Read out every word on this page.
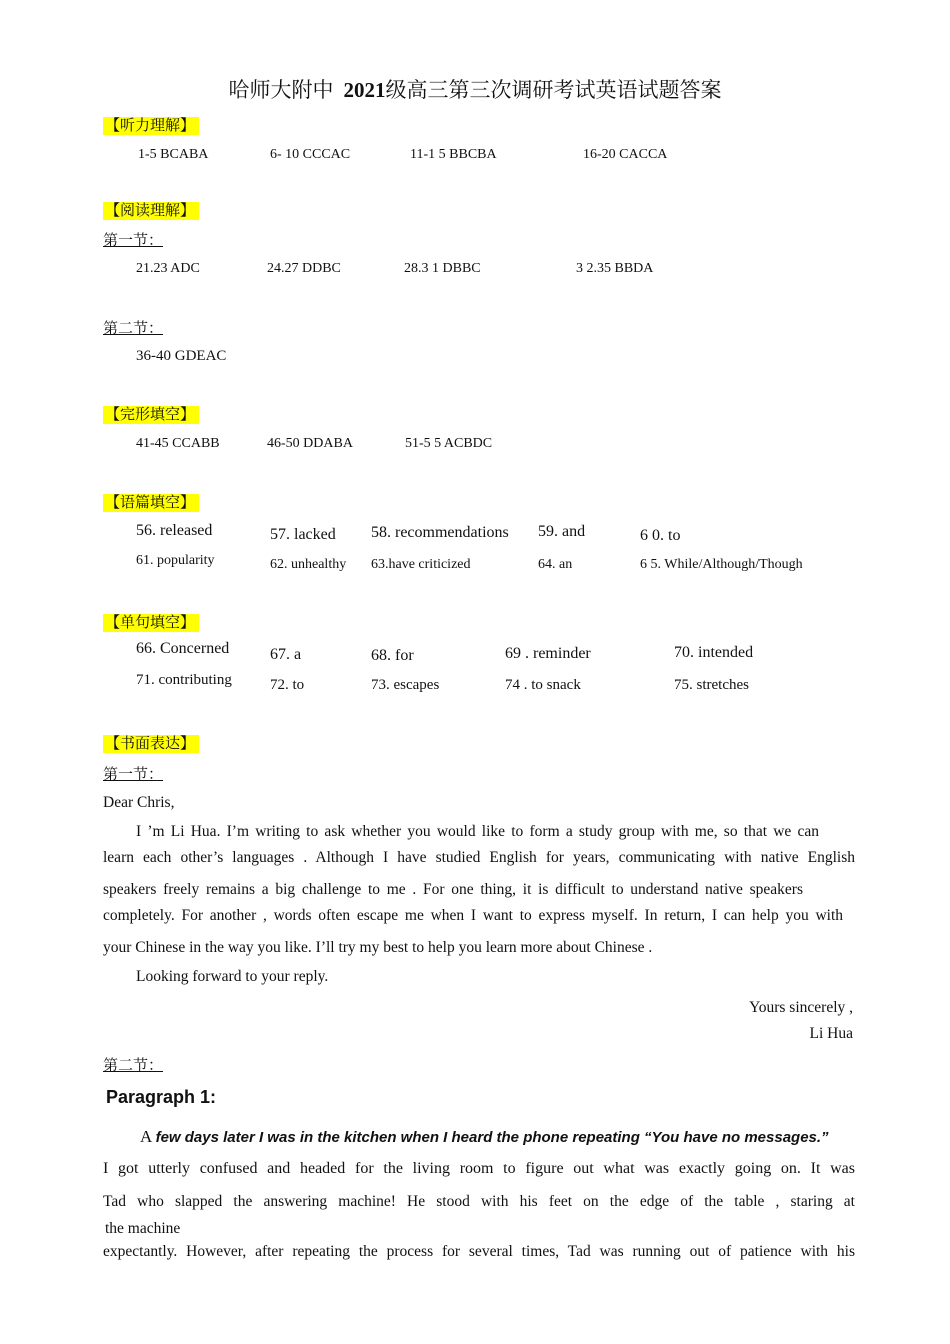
哈师大附中 2021级高三第三次调研考试英语试题答案
【听力理解】
1-5 BCABA	6- 10 CCCAC	11-1 5 BBCBA	16-20 CACCA
【阅读理解】
第一节：
21.23 ADC	24.27 DDBC	28.3 1 DBBC	3 2.35 BBDA
第二节：
36-40 GDEAC
【完形填空】
41-45 CCABB	46-50 DDABA	51-5 5 ACBDC
【语篇填空】
56. released	57. lacked 58. recommendations 59. and	6 0. to
61. popularity	62. unhealthy 63.have criticized	64. an	6 5. While/Although/Though
【单句填空】
66. Concerned	67. a	68. for	69 . reminder	70. intended
71. contributing	72. to	73. escapes	74 . to snack	75. stretches
【书面表达】
第一节：
Dear Chris,
I ’m Li Hua. I’m writing to ask whether you would like to form a study group with me, so that we can
learn each other’s languages . Although I have studied English for years, communicating with native English
speakers freely remains a big challenge to me . For one thing, it is difficult to understand native speakers
completely. For another , words often escape me when I want to express myself. In return, I can help you with
your Chinese in the way you like. I’ll try my best to help you learn more about Chinese .
Looking forward to your reply.
Yours sincerely ,
Li Hua
第二节：
Paragraph 1:
A few days later I was in the kitchen when I heard the phone repeating “You have no messages.”
I got utterly confused and headed for the living room to figure out what was exactly going on. It was
Tad who slapped the answering machine! He stood with his feet on the edge of the table , staring at
the machine
expectantly. However, after repeating the process for several times, Tad was running out of patience with his
